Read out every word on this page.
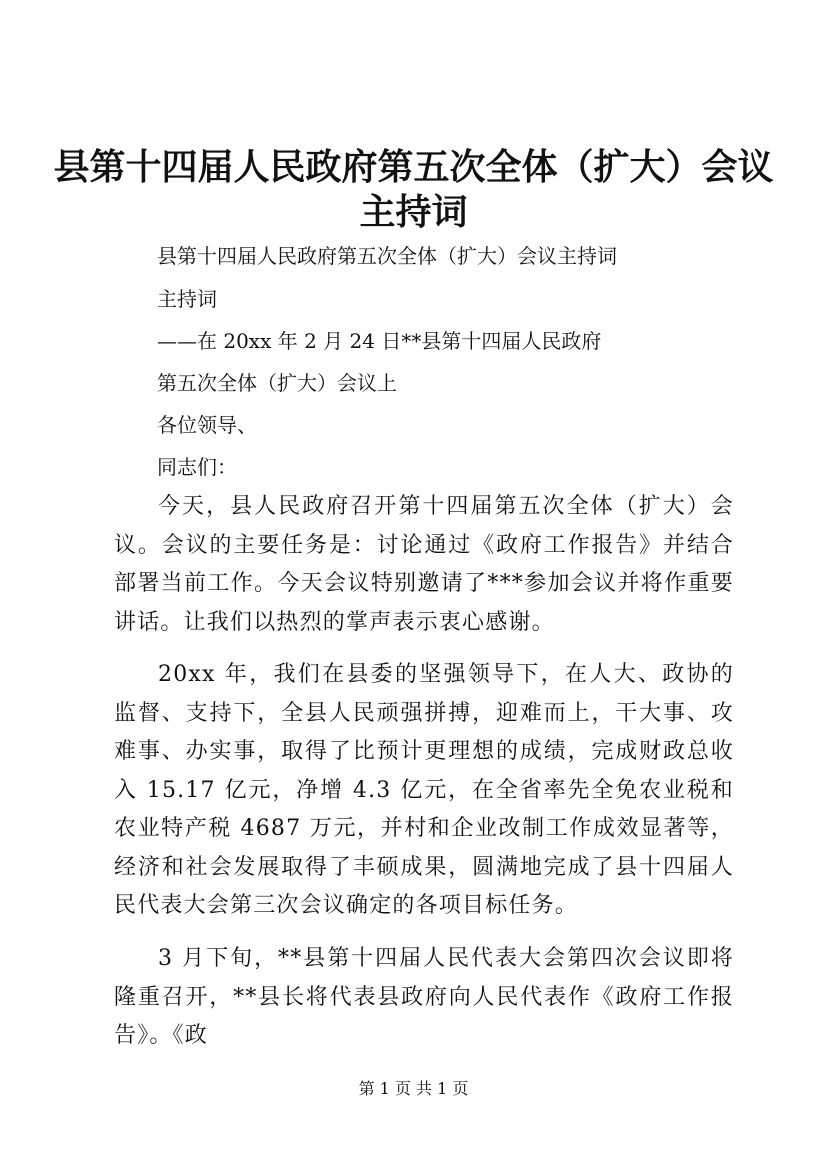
县第十四届人民政府第五次全体（扩大）会议
主持词
县第十四届人民政府第五次全体（扩大）会议主持词
主持词
——在 20xx 年 2 月 24 日**县第十四届人民政府
第五次全体（扩大）会议上
各位领导、
同志们：
今天，县人民政府召开第十四届第五次全体（扩大）会议。会议的主要任务是：讨论通过《政府工作报告》并结合部署当前工作。今天会议特别邀请了***参加会议并将作重要讲话。让我们以热烈的掌声表示衷心感谢。
20xx 年，我们在县委的坚强领导下，在人大、政协的监督、支持下，全县人民顽强拼搏，迎难而上，干大事、攻难事、办实事，取得了比预计更理想的成绩，完成财政总收入 15.17 亿元，净增 4.3 亿元，在全省率先全免农业税和农业特产税 4687 万元，并村和企业改制工作成效显著等，经济和社会发展取得了丰硕成果，圆满地完成了县十四届人民代表大会第三次会议确定的各项目标任务。
3 月下旬，**县第十四届人民代表大会第四次会议即将隆重召开，**县长将代表县政府向人民代表作《政府工作报告》。《政
第 1 页 共 1 页
